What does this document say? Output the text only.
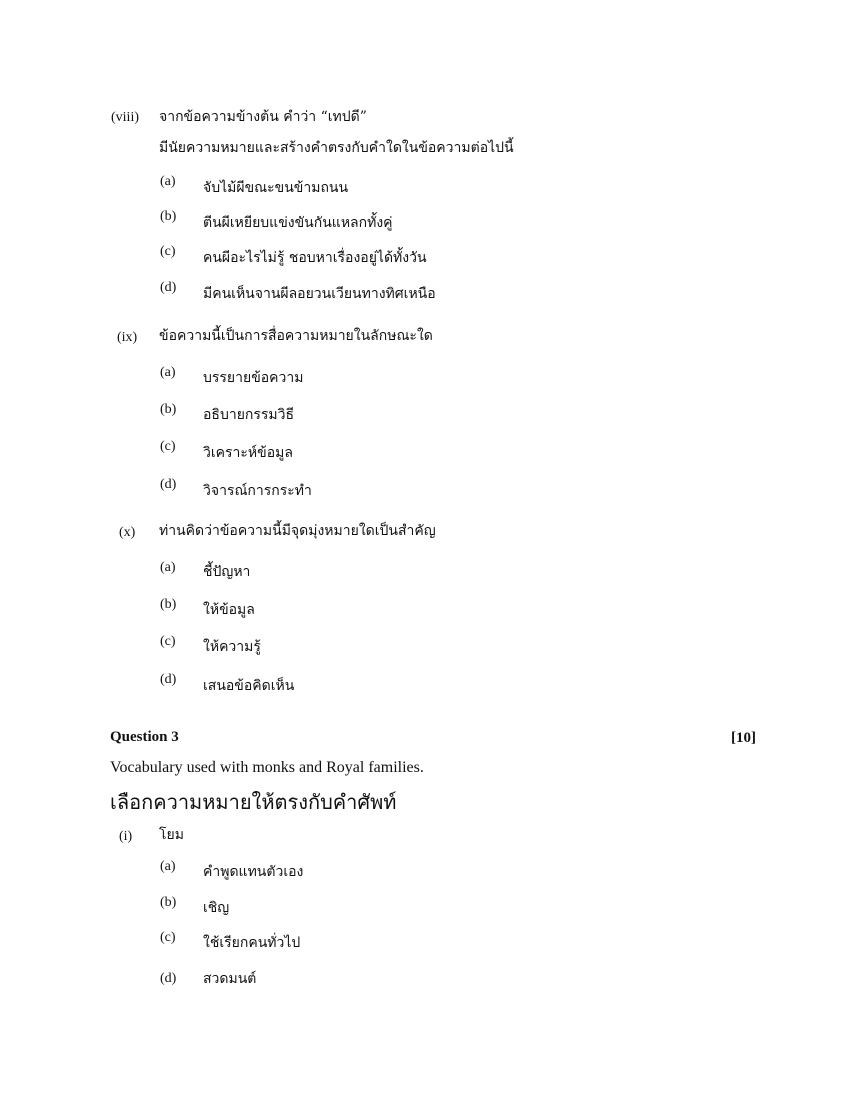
(viii) จากข้อความข้างต้น คำว่า “เทปดี”
มีนัยความหมายและสร้างคำตรงกับคำใดในข้อความต่อไปนี้
(a) จับไม้ผีขณะขนข้ามถนน
(b) ตีนผีเหยียบแข่งขันกันแหลกทั้งคู่
(c) คนผีอะไรไม่รู้ ชอบหาเรื่องอยู่ได้ทั้งวัน
(d) มีคนเห็นจานผีลอยวนเวียนทางทิศเหนือ
(ix) ข้อความนี้เป็นการสื่อความหมายในลักษณะใด
(a) บรรยายข้อความ
(b) อธิบายกรรมวิธี
(c) วิเคราะห์ข้อมูล
(d) วิจารณ์การกระทำ
(x) ท่านคิดว่าข้อความนี้มีจุดมุ่งหมายใดเป็นสำคัญ
(a) ชี้ปัญหา
(b) ให้ข้อมูล
(c) ให้ความรู้
(d) เสนอข้อคิดเห็น
Question 3	[10]
Vocabulary used with monks and Royal families.
เลือกความหมายให้ตรงกับคำศัพท์
(i) โยม
(a) คำพูดแทนตัวเอง
(b) เชิญ
(c) ใช้เรียกคนทั่วไป
(d) สวดมนต์
